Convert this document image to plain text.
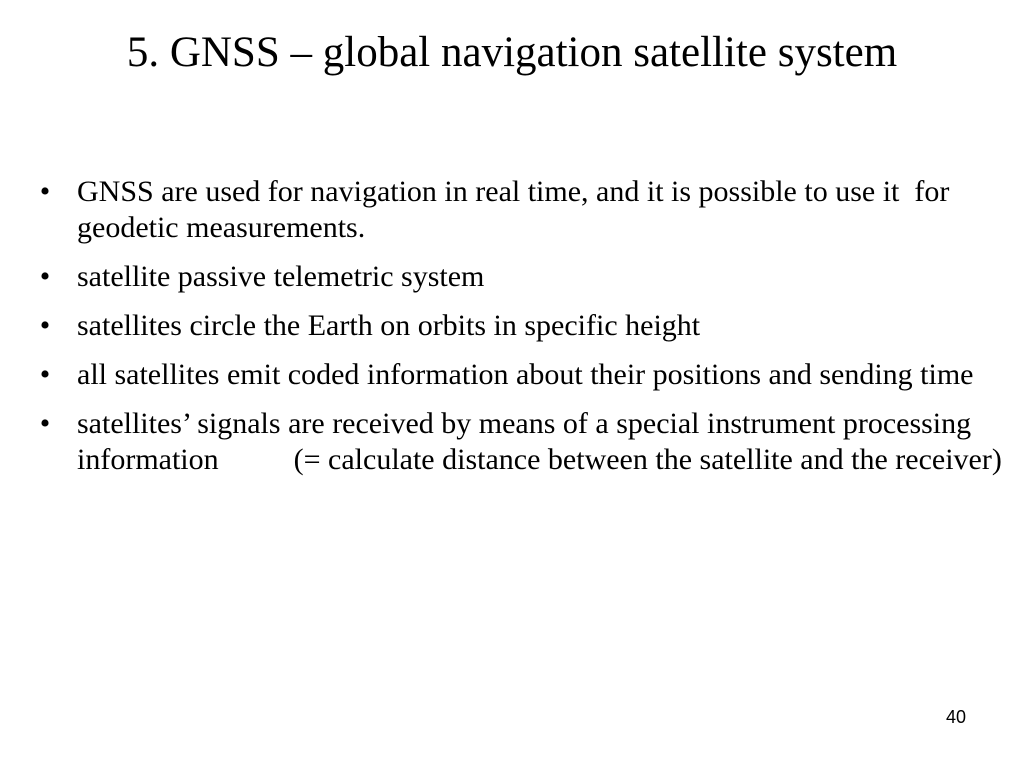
5. GNSS – global navigation satellite system
• GNSS are used for navigation in real time, and it is possible to use it  for geodetic measurements.
• satellite passive telemetric system
• satellites circle the Earth on orbits in specific height
• all satellites emit coded information about their positions and sending time
• satellites’ signals are received by means of a special instrument processing information          (= calculate distance between the satellite and the receiver)
40
